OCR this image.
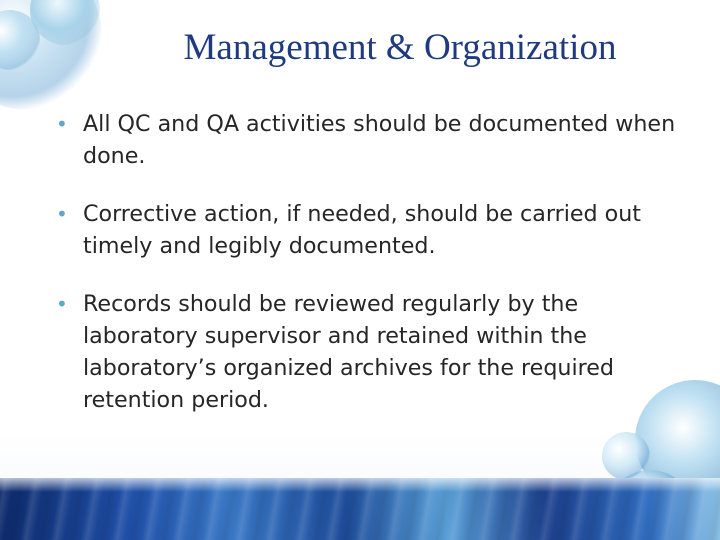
Management & Organization

• All QC and QA activities should be documented when done.

• Corrective action, if needed, should be carried out timely and legibly documented.

• Records should be reviewed regularly by the laboratory supervisor and retained within the laboratory’s organized archives for the required retention period.
